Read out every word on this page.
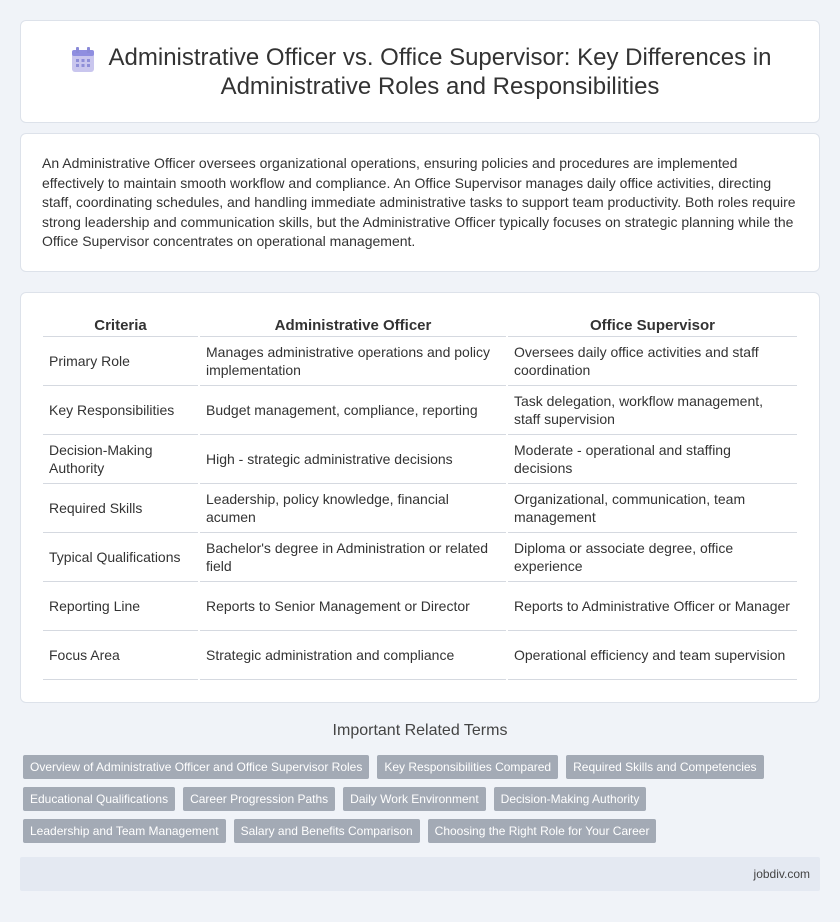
Administrative Officer vs. Office Supervisor: Key Differences in Administrative Roles and Responsibilities

An Administrative Officer oversees organizational operations, ensuring policies and procedures are implemented effectively to maintain smooth workflow and compliance. An Office Supervisor manages daily office activities, directing staff, coordinating schedules, and handling immediate administrative tasks to support team productivity. Both roles require strong leadership and communication skills, but the Administrative Officer typically focuses on strategic planning while the Office Supervisor concentrates on operational management.

Criteria	Administrative Officer	Office Supervisor
Primary Role	Manages administrative operations and policy implementation	Oversees daily office activities and staff coordination
Key Responsibilities	Budget management, compliance, reporting	Task delegation, workflow management, staff supervision
Decision-Making Authority	High - strategic administrative decisions	Moderate - operational and staffing decisions
Required Skills	Leadership, policy knowledge, financial acumen	Organizational, communication, team management
Typical Qualifications	Bachelor's degree in Administration or related field	Diploma or associate degree, office experience
Reporting Line	Reports to Senior Management or Director	Reports to Administrative Officer or Manager
Focus Area	Strategic administration and compliance	Operational efficiency and team supervision
Important Related Terms
Overview of Administrative Officer and Office Supervisor Roles	Key Responsibilities Compared	Required Skills and Competencies
Educational Qualifications	Career Progression Paths	Daily Work Environment	Decision-Making Authority
Leadership and Team Management	Salary and Benefits Comparison	Choosing the Right Role for Your Career
jobdiv.com
